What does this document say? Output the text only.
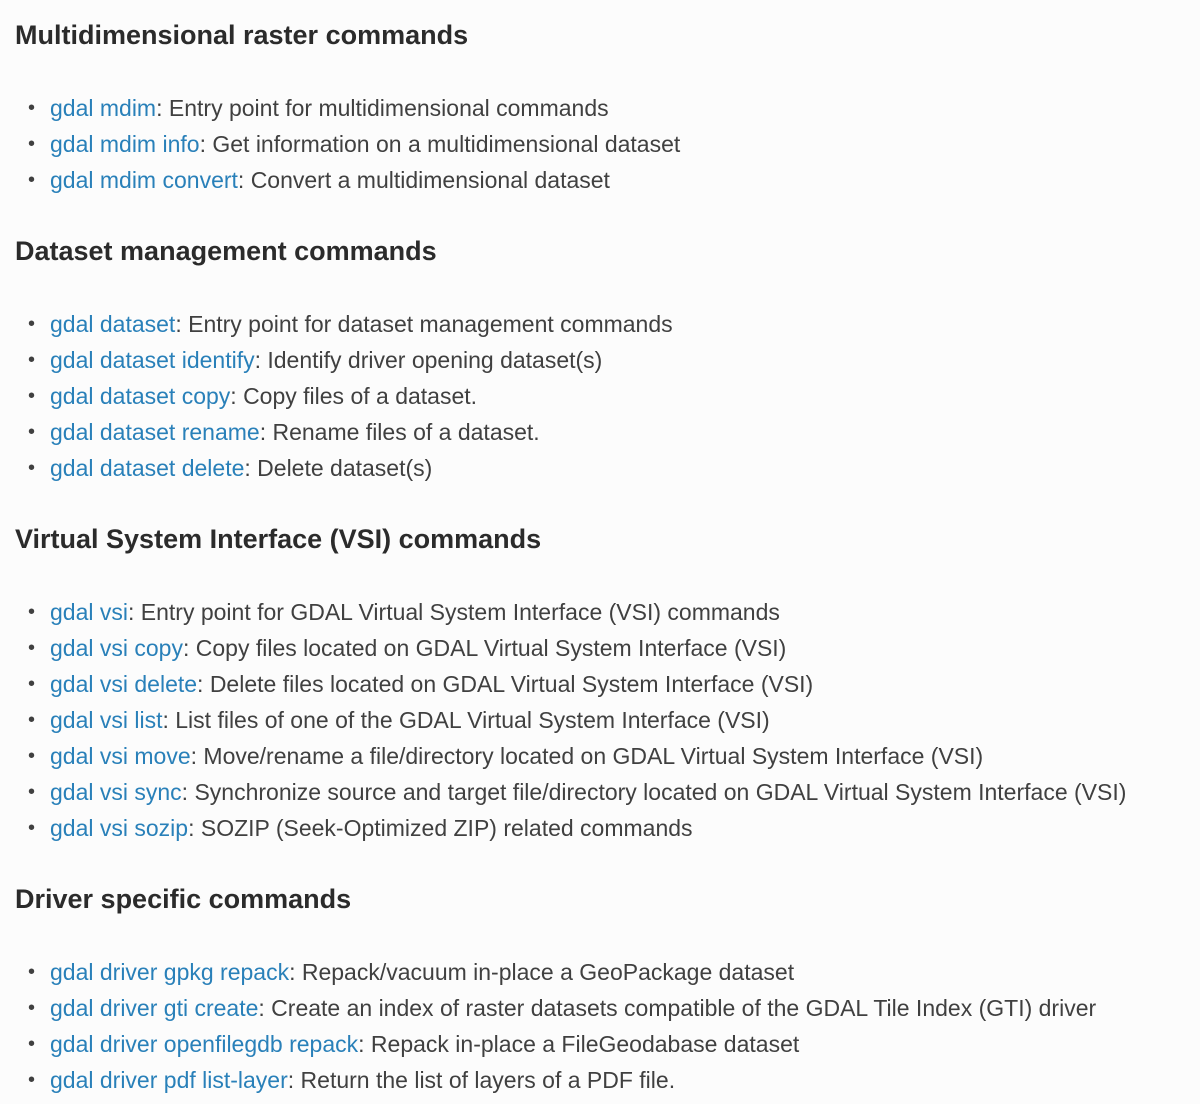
Multidimensional raster commands
• gdal mdim: Entry point for multidimensional commands
• gdal mdim info: Get information on a multidimensional dataset
• gdal mdim convert: Convert a multidimensional dataset
Dataset management commands
• gdal dataset: Entry point for dataset management commands
• gdal dataset identify: Identify driver opening dataset(s)
• gdal dataset copy: Copy files of a dataset.
• gdal dataset rename: Rename files of a dataset.
• gdal dataset delete: Delete dataset(s)
Virtual System Interface (VSI) commands
• gdal vsi: Entry point for GDAL Virtual System Interface (VSI) commands
• gdal vsi copy: Copy files located on GDAL Virtual System Interface (VSI)
• gdal vsi delete: Delete files located on GDAL Virtual System Interface (VSI)
• gdal vsi list: List files of one of the GDAL Virtual System Interface (VSI)
• gdal vsi move: Move/rename a file/directory located on GDAL Virtual System Interface (VSI)
• gdal vsi sync: Synchronize source and target file/directory located on GDAL Virtual System Interface (VSI)
• gdal vsi sozip: SOZIP (Seek-Optimized ZIP) related commands
Driver specific commands
• gdal driver gpkg repack: Repack/vacuum in-place a GeoPackage dataset
• gdal driver gti create: Create an index of raster datasets compatible of the GDAL Tile Index (GTI) driver
• gdal driver openfilegdb repack: Repack in-place a FileGeodabase dataset
• gdal driver pdf list-layer: Return the list of layers of a PDF file.
